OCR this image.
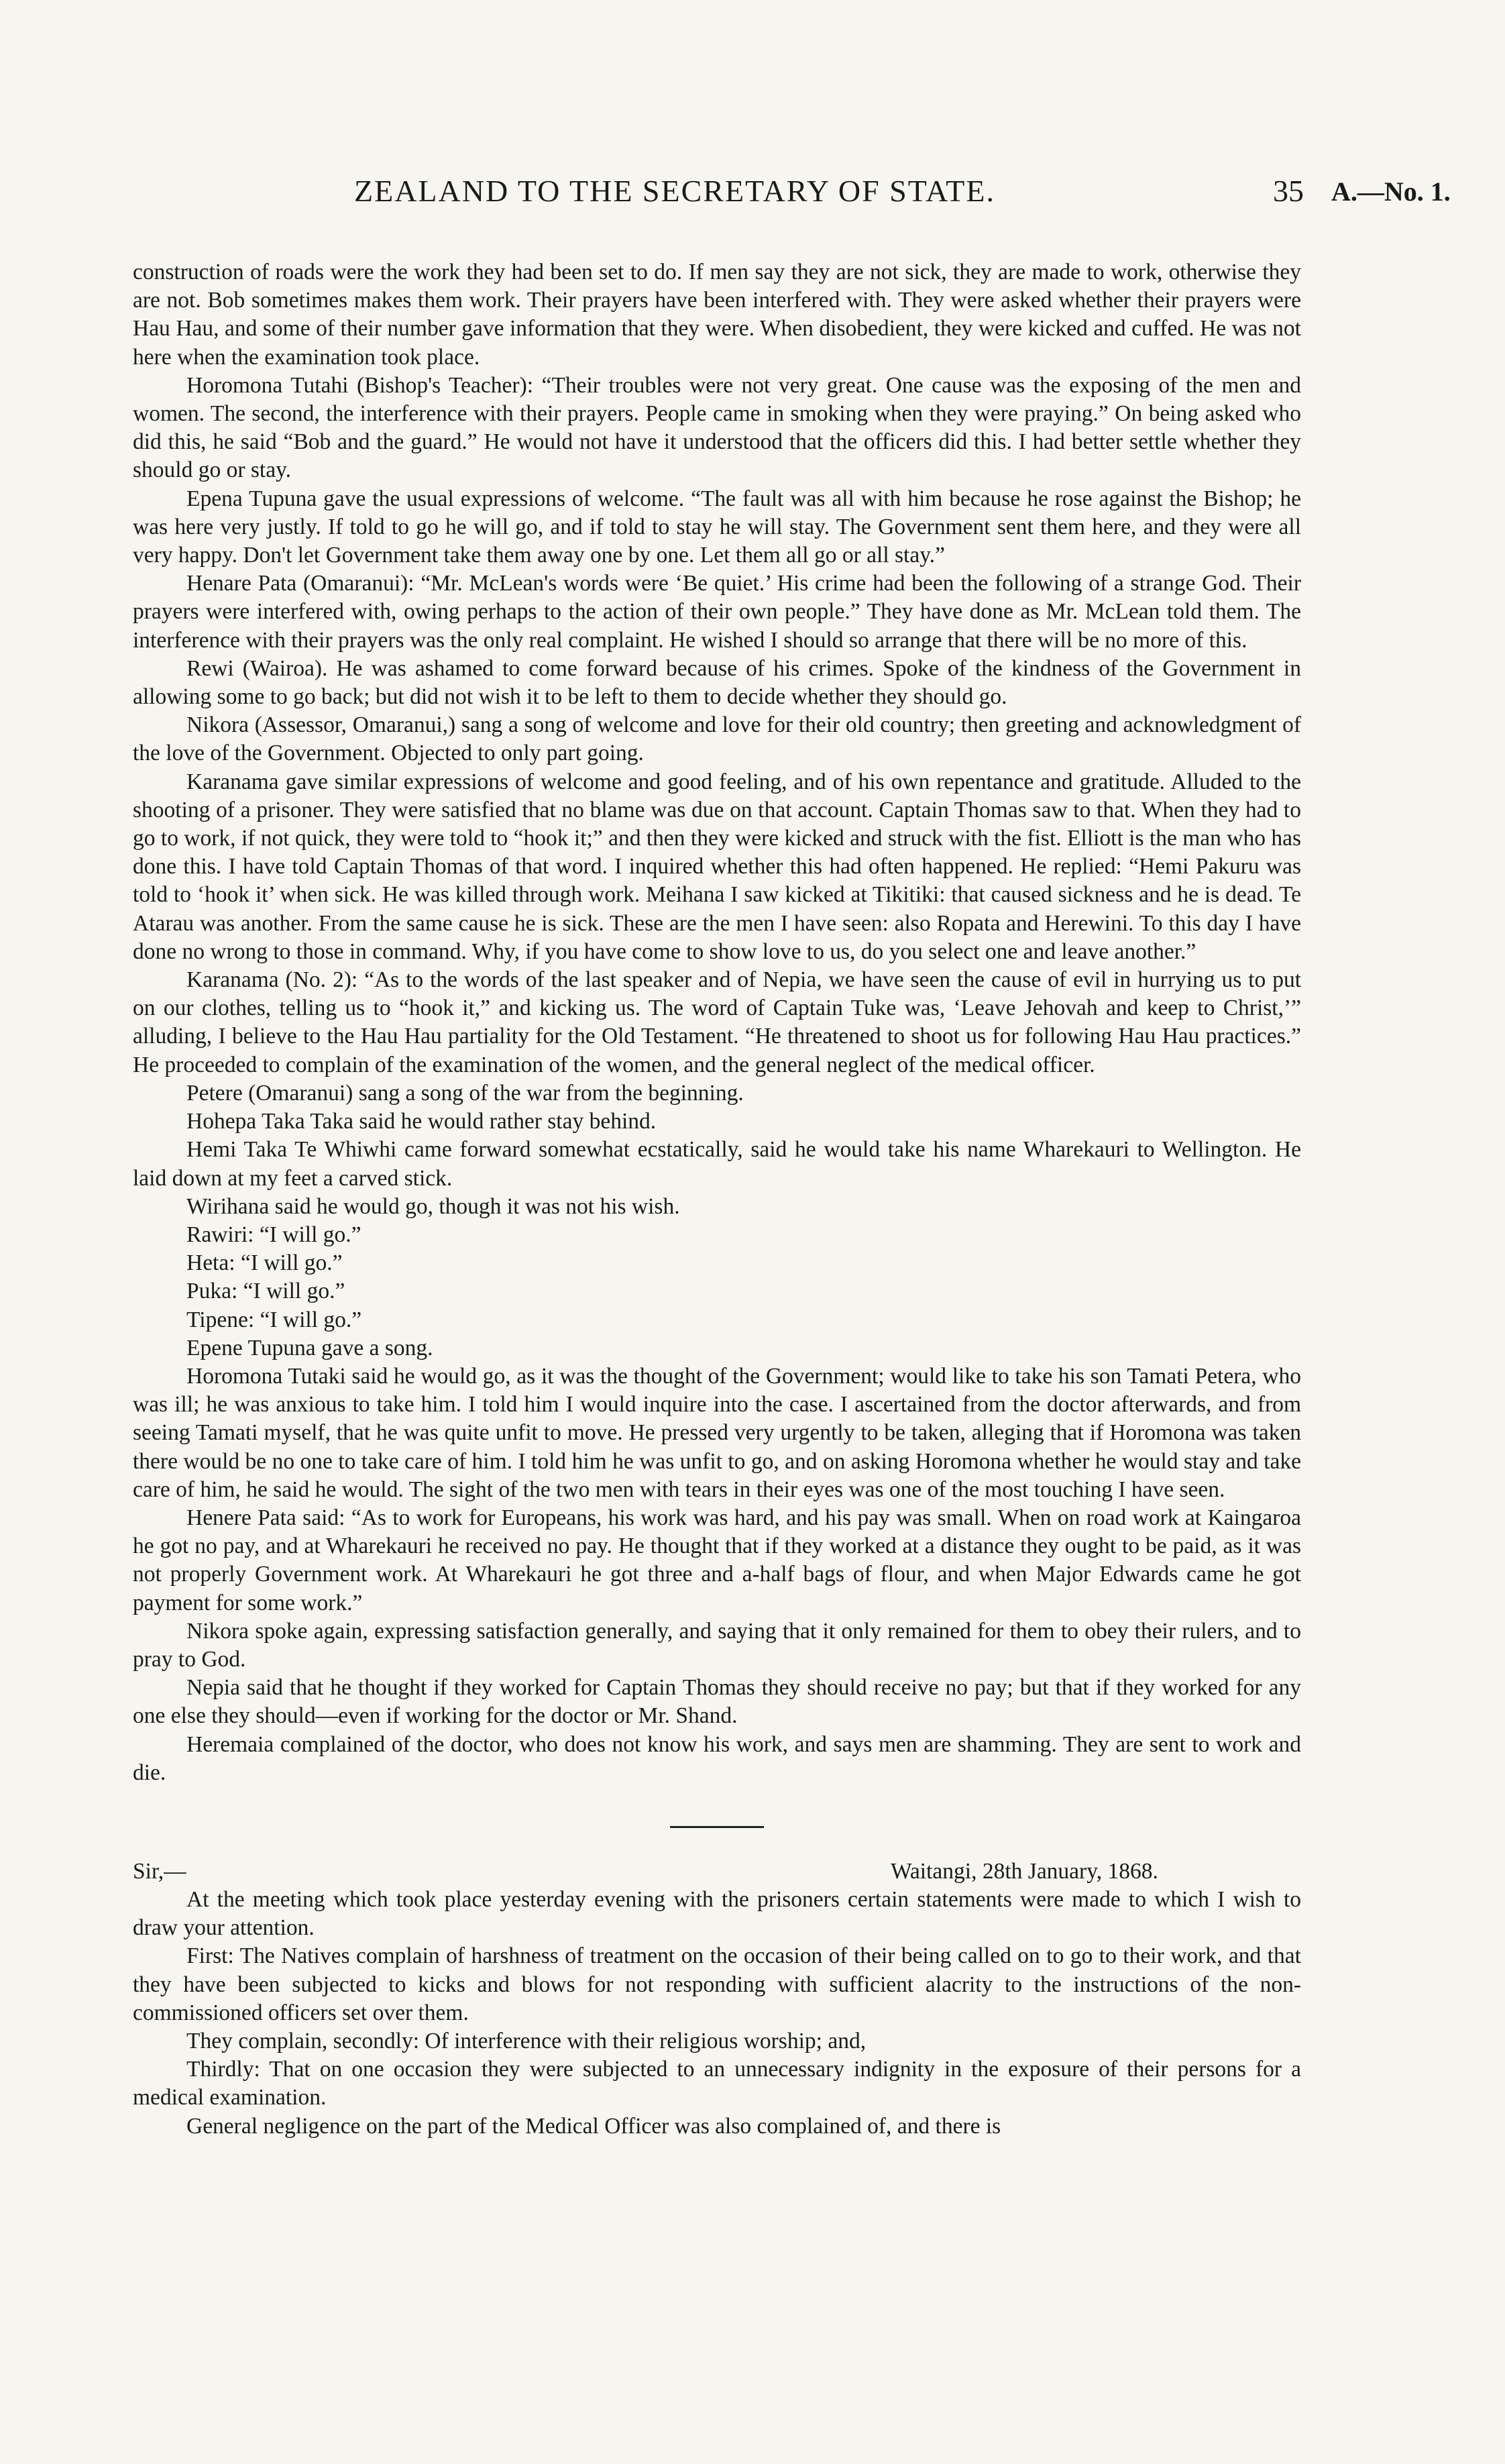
ZEALAND TO THE SECRETARY OF STATE.	35 A.—No. 1.

construction of roads were the work they had been set to do. If men say they are not sick, they are made to work, otherwise they are not. Bob sometimes makes them work. Their prayers have been interfered with. They were asked whether their prayers were Hau Hau, and some of their number gave information that they were. When disobedient, they were kicked and cuffed. He was not here when the examination took place.

Horomona Tutahi (Bishop's Teacher): “Their troubles were not very great. One cause was the exposing of the men and women. The second, the interference with their prayers. People came in smoking when they were praying.” On being asked who did this, he said “Bob and the guard.” He would not have it understood that the officers did this. I had better settle whether they should go or stay.

Epena Tupuna gave the usual expressions of welcome. “The fault was all with him because he rose against the Bishop; he was here very justly. If told to go he will go, and if told to stay he will stay. The Government sent them here, and they were all very happy. Don't let Government take them away one by one. Let them all go or all stay.”

Henare Pata (Omaranui): “Mr. McLean's words were ‘Be quiet.’ His crime had been the following of a strange God. Their prayers were interfered with, owing perhaps to the action of their own people.” They have done as Mr. McLean told them. The interference with their prayers was the only real complaint. He wished I should so arrange that there will be no more of this.

Rewi (Wairoa). He was ashamed to come forward because of his crimes. Spoke of the kindness of the Government in allowing some to go back; but did not wish it to be left to them to decide whether they should go.

Nikora (Assessor, Omaranui,) sang a song of welcome and love for their old country; then greeting and acknowledgment of the love of the Government. Objected to only part going.

Karanama gave similar expressions of welcome and good feeling, and of his own repentance and gratitude. Alluded to the shooting of a prisoner. They were satisfied that no blame was due on that account. Captain Thomas saw to that. When they had to go to work, if not quick, they were told to “hook it;” and then they were kicked and struck with the fist. Elliott is the man who has done this. I have told Captain Thomas of that word. I inquired whether this had often happened. He replied: “Hemi Pakuru was told to ‘hook it’ when sick. He was killed through work. Meihana I saw kicked at Tikitiki: that caused sickness and he is dead. Te Atarau was another. From the same cause he is sick. These are the men I have seen: also Ropata and Herewini. To this day I have done no wrong to those in command. Why, if you have come to show love to us, do you select one and leave another.”

Karanama (No. 2): “As to the words of the last speaker and of Nepia, we have seen the cause of evil in hurrying us to put on our clothes, telling us to “hook it,” and kicking us. The word of Captain Tuke was, ‘Leave Jehovah and keep to Christ,’” alluding, I believe to the Hau Hau partiality for the Old Testament. “He threatened to shoot us for following Hau Hau practices.” He proceeded to complain of the examination of the women, and the general neglect of the medical officer.

Petere (Omaranui) sang a song of the war from the beginning.

Hohepa Taka Taka said he would rather stay behind.

Hemi Taka Te Whiwhi came forward somewhat ecstatically, said he would take his name Wharekauri to Wellington. He laid down at my feet a carved stick.

Wirihana said he would go, though it was not his wish.

Rawiri: “I will go.”

Heta: “I will go.”

Puka: “I will go.”

Tipene: “I will go.”

Epene Tupuna gave a song.

Horomona Tutaki said he would go, as it was the thought of the Government; would like to take his son Tamati Petera, who was ill; he was anxious to take him. I told him I would inquire into the case. I ascertained from the doctor afterwards, and from seeing Tamati myself, that he was quite unfit to move. He pressed very urgently to be taken, alleging that if Horomona was taken there would be no one to take care of him. I told him he was unfit to go, and on asking Horomona whether he would stay and take care of him, he said he would. The sight of the two men with tears in their eyes was one of the most touching I have seen.

Henere Pata said: “As to work for Europeans, his work was hard, and his pay was small. When on road work at Kaingaroa he got no pay, and at Wharekauri he received no pay. He thought that if they worked at a distance they ought to be paid, as it was not properly Government work. At Wharekauri he got three and a-half bags of flour, and when Major Edwards came he got payment for some work.”

Nikora spoke again, expressing satisfaction generally, and saying that it only remained for them to obey their rulers, and to pray to God.

Nepia said that he thought if they worked for Captain Thomas they should receive no pay; but that if they worked for any one else they should—even if working for the doctor or Mr. Shand.

Heremaia complained of the doctor, who does not know his work, and says men are shamming. They are sent to work and die.

Sir,—	Waitangi, 28th January, 1868.

At the meeting which took place yesterday evening with the prisoners certain statements were made to which I wish to draw your attention.

First: The Natives complain of harshness of treatment on the occasion of their being called on to go to their work, and that they have been subjected to kicks and blows for not responding with sufficient alacrity to the instructions of the non-commissioned officers set over them.

They complain, secondly: Of interference with their religious worship; and,

Thirdly: That on one occasion they were subjected to an unnecessary indignity in the exposure of their persons for a medical examination.

General negligence on the part of the Medical Officer was also complained of, and there is
